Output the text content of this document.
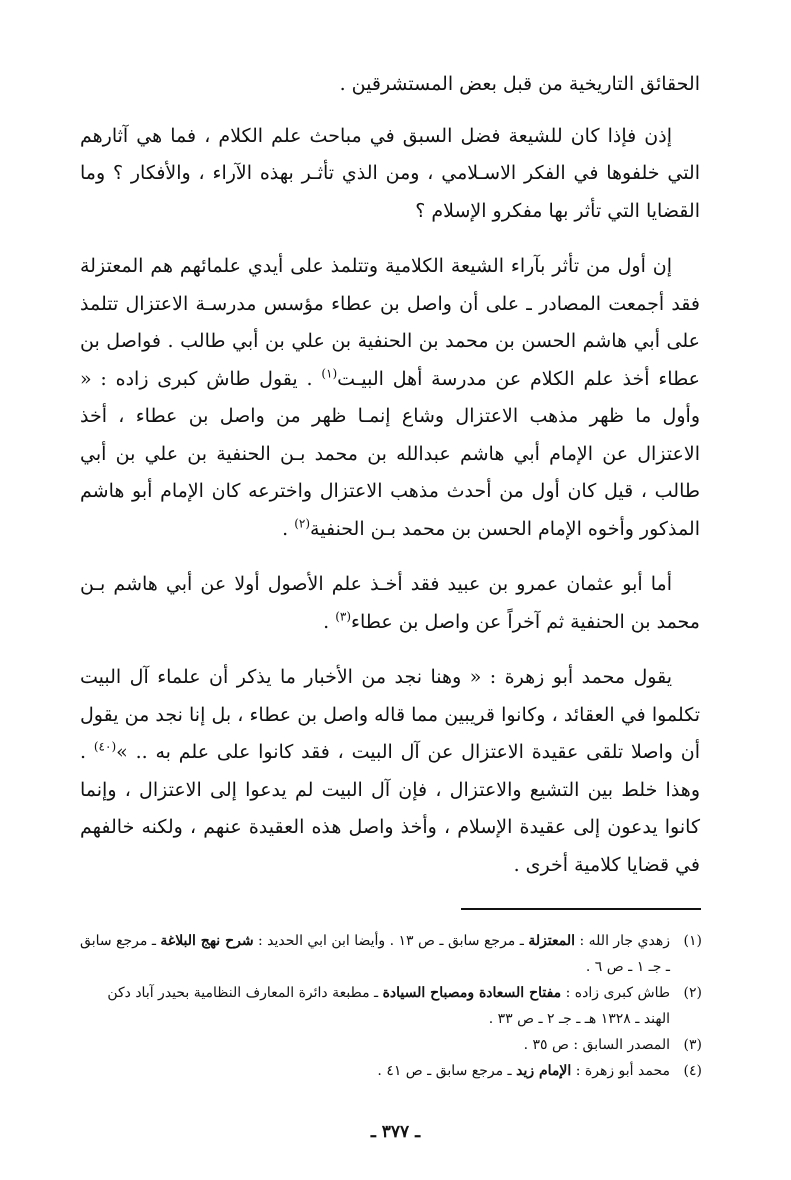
الحقائق التاريخية من قبل بعض المستشرقين .

إذن فإذا كان للشيعة فضل السبق في مباحث علم الكلام ، فما هي آثارهم التي خلفوها في الفكر الاسـلامي ، ومن الذي تأثـر بهذه الآراء ، والأفكار ؟ وما القضايا التي تأثر بها مفكرو الإسلام ؟

إن أول من تأثر بآراء الشيعة الكلامية وتتلمذ على أيدي علمائهم هم المعتزلة فقد أجمعت المصادر ـ على أن واصل بن عطاء مؤسس مدرسـة الاعتزال تتلمذ على أبي هاشم الحسن بن محمد بن الحنفية بن علي بن أبي طالب . فواصل بن عطاء أخذ علم الكلام عن مدرسة أهل البيـت$^{(١)}$ . يقول طاش كبرى زاده : « وأول ما ظهر مذهب الاعتزال وشاع إنمـا ظهر من واصل بن عطاء ، أخذ الاعتزال عن الإمام أبي هاشم عبدالله بن محمد بـن الحنفية بن علي بن أبي طالب ، قيل كان أول من أحدث مذهب الاعتزال واخترعه كان الإمام أبو هاشم المذكور وأخوه الإمام الحسن بن محمد بـن الحنفية$^{(٢)}$ .

أما أبو عثمان عمرو بن عبيد فقد أخـذ علم الأصول أولا عن أبي هاشم بـن محمد بن الحنفية ثم آخراً عن واصل بن عطاء$^{(٣)}$ .

يقول محمد أبو زهرة : « وهنا نجد من الأخبار ما يذكر أن علماء آل البيت تكلموا في العقائد ، وكانوا قريبين مما قاله واصل بن عطاء ، بل إنا نجد من يقول أن واصلا تلقى عقيدة الاعتزال عن آل البيت ، فقد كانوا على علم به .. »$^{(٤٠)}$ . وهذا خلط بين التشيع والاعتزال ، فإن آل البيت لم يدعوا إلى الاعتزال ، وإنما كانوا يدعون إلى عقيدة الإسلام ، وأخذ واصل هذه العقيدة عنهم ، ولكنه خالفهم في قضايا كلامية أخرى .

(١)
زهدي جار الله : المعتزلة ـ مرجع سابق ـ ص ١٣ . وأيضا ابن ابي الحديد : شرح نهج البلاغة ـ مرجع سابق ـ جـ ١ ـ ص ٦ .
(٢)
طاش كبرى زاده : مفتاح السعادة ومصباح السيادة ـ مطبعة دائرة المعارف النظامية بحيدر آباد دكن الهند ـ ١٣٢٨ هـ ـ جـ ٢ ـ ص ٣٣ .
(٣)
المصدر السابق : ص ٣٥ .
(٤)
محمد أبو زهرة : الإمام زيد ـ مرجع سابق ـ ص ٤١ .
ـ ٣٧٧ ـ
